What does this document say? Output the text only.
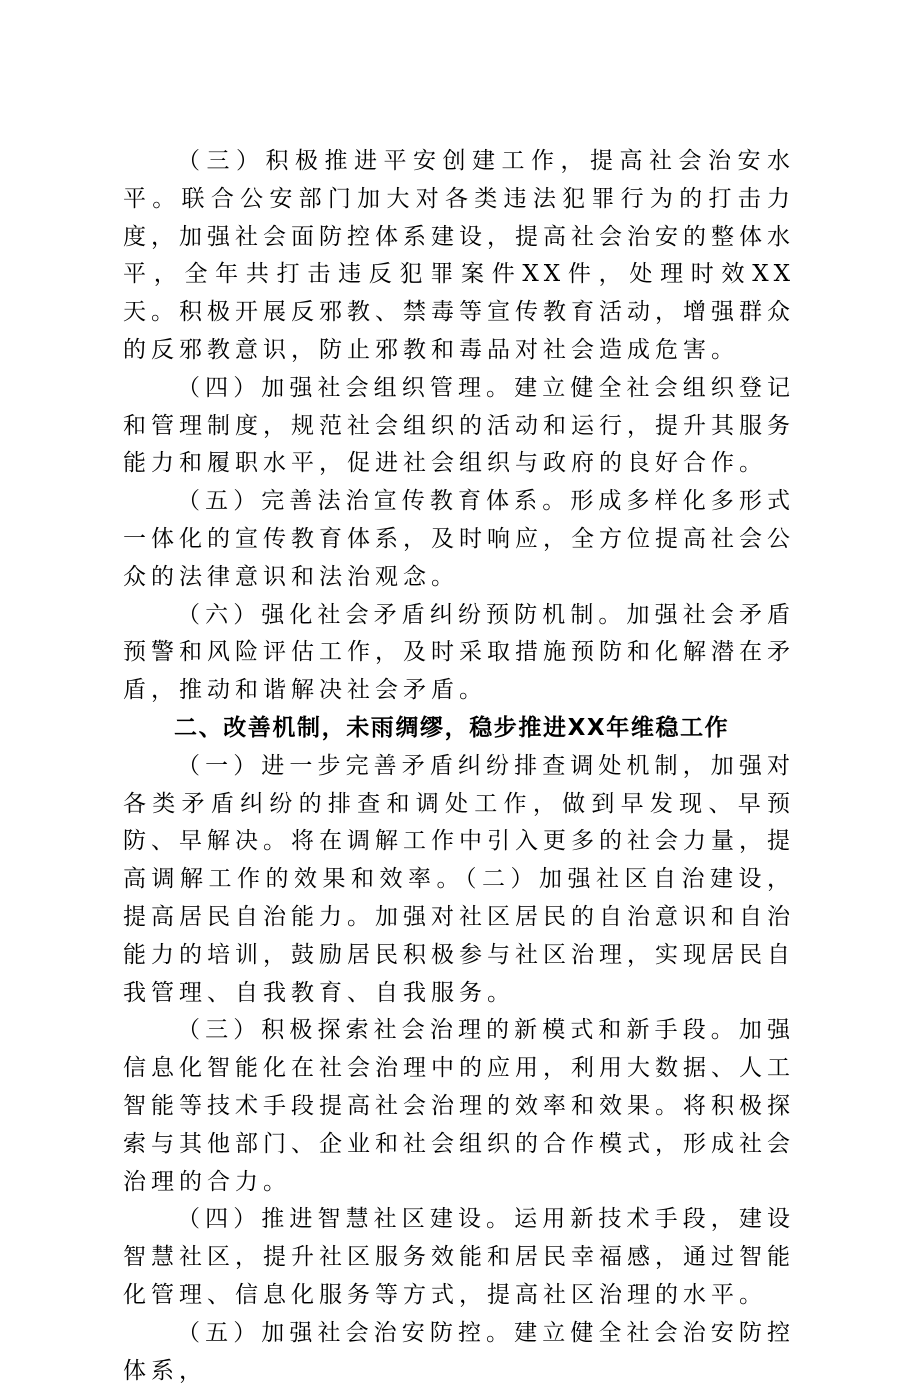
（三）积极推进平安创建工作，提高社会治安水平。联合公安部门加大对各类违法犯罪行为的打击力度，加强社会面防控体系建设，提高社会治安的整体水平，全年共打击违反犯罪案件XX件，处理时效XX天。积极开展反邪教、禁毒等宣传教育活动，增强群众的反邪教意识，防止邪教和毒品对社会造成危害。

（四）加强社会组织管理。建立健全社会组织登记和管理制度，规范社会组织的活动和运行，提升其服务能力和履职水平，促进社会组织与政府的良好合作。

（五）完善法治宣传教育体系。形成多样化多形式一体化的宣传教育体系，及时响应，全方位提高社会公众的法律意识和法治观念。

（六）强化社会矛盾纠纷预防机制。加强社会矛盾预警和风险评估工作，及时采取措施预防和化解潜在矛盾，推动和谐解决社会矛盾。

二、改善机制，未雨绸缪，稳步推进XX年维稳工作

（一）进一步完善矛盾纠纷排查调处机制，加强对各类矛盾纠纷的排查和调处工作，做到早发现、早预防、早解决。将在调解工作中引入更多的社会力量，提高调解工作的效果和效率。（二）加强社区自治建设，提高居民自治能力。加强对社区居民的自治意识和自治能力的培训，鼓励居民积极参与社区治理，实现居民自我管理、自我教育、自我服务。

（三）积极探索社会治理的新模式和新手段。加强信息化智能化在社会治理中的应用，利用大数据、人工智能等技术手段提高社会治理的效率和效果。将积极探索与其他部门、企业和社会组织的合作模式，形成社会治理的合力。

（四）推进智慧社区建设。运用新技术手段，建设智慧社区，提升社区服务效能和居民幸福感，通过智能化管理、信息化服务等方式，提高社区治理的水平。

（五）加强社会治安防控。建立健全社会治安防控体系，
